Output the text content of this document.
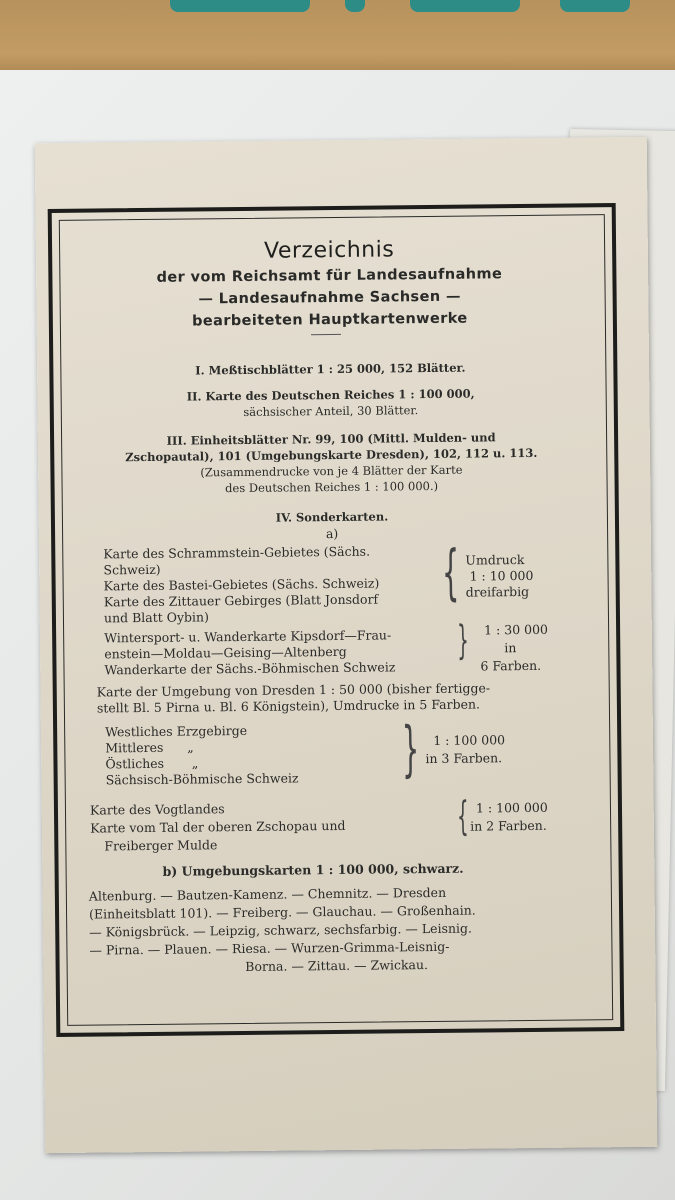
Verzeichnis
der vom Reichsamt für Landesaufnahme
— Landesaufnahme Sachsen —
bearbeiteten Hauptkartenwerke
I. Meßtischblätter 1 : 25 000, 152 Blätter.
II. Karte des Deutschen Reiches 1 : 100 000,
sächsischer Anteil, 30 Blätter.
III. Einheitsblätter Nr. 99, 100 (Mittl. Mulden- und
Zschopautal), 101 (Umgebungskarte Dresden), 102, 112 u. 113.
(Zusammendrucke von je 4 Blätter der Karte
des Deutschen Reiches 1 : 100 000.)
IV. Sonderkarten.
a)
Karte des Schrammstein-Gebietes (Sächs.
Schweiz)
Karte des Bastei-Gebietes (Sächs. Schweiz)
Karte des Zittauer Gebirges (Blatt Jonsdorf
und Blatt Oybin)
{ Umdruck
1 : 10 000
dreifarbig
Wintersport- u. Wanderkarte Kipsdorf—Frau-
enstein—Moldau—Geising—Altenberg
Wanderkarte der Sächs.-Böhmischen Schweiz
} 1 : 30 000
in
6 Farben.
Karte der Umgebung von Dresden 1 : 50 000 (bisher fertigge-
stellt Bl. 5 Pirna u. Bl. 6 Königstein), Umdrucke in 5 Farben.
Westliches Erzgebirge
Mittleres      „
Östliches       „
Sächsisch-Böhmische Schweiz } 1 : 100 000
in 3 Farben.
Karte des Vogtlandes
Karte vom Tal der oberen Zschopau und
Freiberger Mulde
{ 1 : 100 000
in 2 Farben.
b) Umgebungskarten 1 : 100 000, schwarz.
Altenburg. — Bautzen-Kamenz. — Chemnitz. — Dresden
(Einheitsblatt 101). — Freiberg. — Glauchau. — Großenhain.
— Königsbrück. — Leipzig, schwarz, sechsfarbig. — Leisnig.
— Pirna. — Plauen. — Riesa. — Wurzen-Grimma-Leisnig-
Borna. — Zittau. — Zwickau.
